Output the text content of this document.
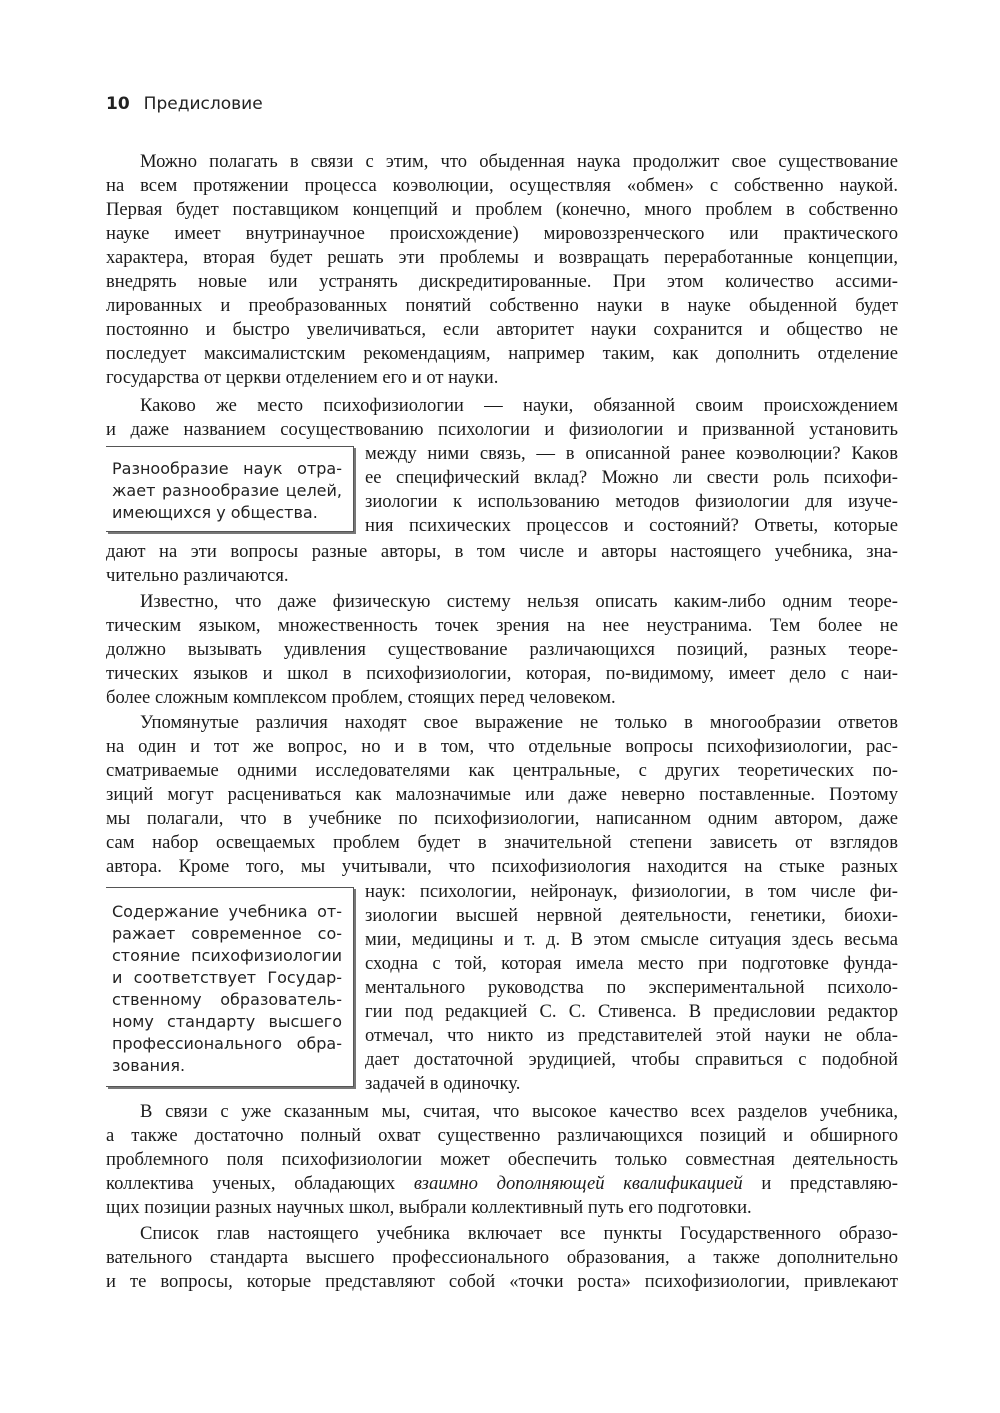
10 Предисловие
Можно полагать в связи с этим, что обыденная наука продолжит свое существование
на всем протяжении процесса коэволюции, осуществляя «обмен» с собственно наукой.
Первая будет поставщиком концепций и проблем (конечно, много проблем в собственно
науке имеет внутринаучное происхождение) мировоззренческого или практического
характера, вторая будет решать эти проблемы и возвращать переработанные концепции,
внедрять новые или устранять дискредитированные. При этом количество ассими-
лированных и преобразованных понятий собственно науки в науке обыденной будет
постоянно и быстро увеличиваться, если авторитет науки сохранится и общество не
последует максималистским рекомендациям, например таким, как дополнить отделение
государства от церкви отделением его и от науки.
Каково же место психофизиологии — науки, обязанной своим происхождением
и даже названием сосуществованию психологии и физиологии и призванной установить
между ними связь, — в описанной ранее коэволюции? Каков
ее специфический вклад? Можно ли свести роль психофи-
зиологии к использованию методов физиологии для изуче-
ния психических процессов и состояний? Ответы, которые
дают на эти вопросы разные авторы, в том числе и авторы настоящего учебника, зна-
чительно различаются.
Разнообразие наук отра-
жает разнообразие целей,
имеющихся у общества.
Известно, что даже физическую систему нельзя описать каким-либо одним теоре-
тическим языком, множественность точек зрения на нее неустранима. Тем более не
должно вызывать удивления существование различающихся позиций, разных теоре-
тических языков и школ в психофизиологии, которая, по-видимому, имеет дело с наи-
более сложным комплексом проблем, стоящих перед человеком.
Упомянутые различия находят свое выражение не только в многообразии ответов
на один и тот же вопрос, но и в том, что отдельные вопросы психофизиологии, рас-
сматриваемые одними исследователями как центральные, с других теоретических по-
зиций могут расцениваться как малозначимые или даже неверно поставленные. Поэтому
мы полагали, что в учебнике по психофизиологии, написанном одним автором, даже
сам набор освещаемых проблем будет в значительной степени зависеть от взглядов
автора. Кроме того, мы учитывали, что психофизиология находится на стыке разных
наук: психологии, нейронаук, физиологии, в том числе фи-
зиологии высшей нервной деятельности, генетики, биохи-
мии, медицины и т. д. В этом смысле ситуация здесь весьма
сходна с той, которая имела место при подготовке фунда-
ментального руководства по экспериментальной психоло-
гии под редакцией С. С. Стивенса. В предисловии редактор
отмечал, что никто из представителей этой науки не обла-
дает достаточной эрудицией, чтобы справиться с подобной
задачей в одиночку.
Содержание учебника от-
ражает современное со-
стояние психофизиологии
и соответствует Государ-
ственному образователь-
ному стандарту высшего
профессионального обра-
зования.
В связи с уже сказанным мы, считая, что высокое качество всех разделов учебника,
а также достаточно полный охват существенно различающихся позиций и обширного
проблемного поля психофизиологии может обеспечить только совместная деятельность
коллектива ученых, обладающих взаимно дополняющей квалификацией и представляю-
щих позиции разных научных школ, выбрали коллективный путь его подготовки.
Список глав настоящего учебника включает все пункты Государственного образо-
вательного стандарта высшего профессионального образования, а также дополнительно
и те вопросы, которые представляют собой «точки роста» психофизиологии, привлекают
